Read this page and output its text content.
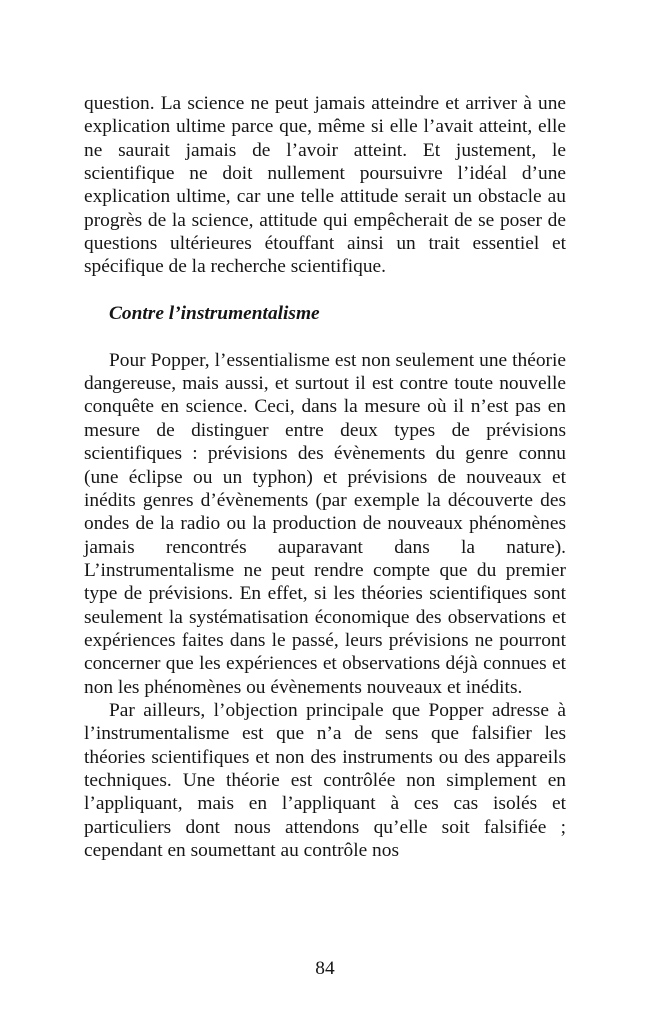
question. La science ne peut jamais atteindre et arriver à une explication ultime parce que, même si elle l’avait atteint, elle ne saurait jamais de l’avoir atteint. Et justement, le scientifique ne doit nullement poursuivre l’idéal d’une explication ultime, car une telle attitude serait un obstacle au progrès de la science, attitude qui empêcherait de se poser de questions ultérieures étouffant ainsi un trait essentiel et spécifique de la recherche scientifique.

Contre l’instrumentalisme

Pour Popper, l’essentialisme est non seulement une théorie dangereuse, mais aussi, et surtout il est contre toute nouvelle conquête en science. Ceci, dans la mesure où il n’est pas en mesure de distinguer entre deux types de prévisions scientifiques : prévisions des évènements du genre connu (une éclipse ou un typhon) et prévisions de nouveaux et inédits genres d’évènements (par exemple la découverte des ondes de la radio ou la production de nouveaux phénomènes jamais rencontrés auparavant dans la nature). L’instrumentalisme ne peut rendre compte que du premier type de prévisions. En effet, si les théories scientifiques sont seulement la systématisation économique des observations et expériences faites dans le passé, leurs prévisions ne pourront concerner que les expériences et observations déjà connues et non les phénomènes ou évènements nouveaux et inédits.

Par ailleurs, l’objection principale que Popper adresse à l’instrumentalisme est que n’a de sens que falsifier les théories scientifiques et non des instruments ou des appareils techniques. Une théorie est contrôlée non simplement en l’appliquant, mais en l’appliquant à ces cas isolés et particuliers dont nous attendons qu’elle soit falsifiée ; cependant en soumettant au contrôle nos

84
